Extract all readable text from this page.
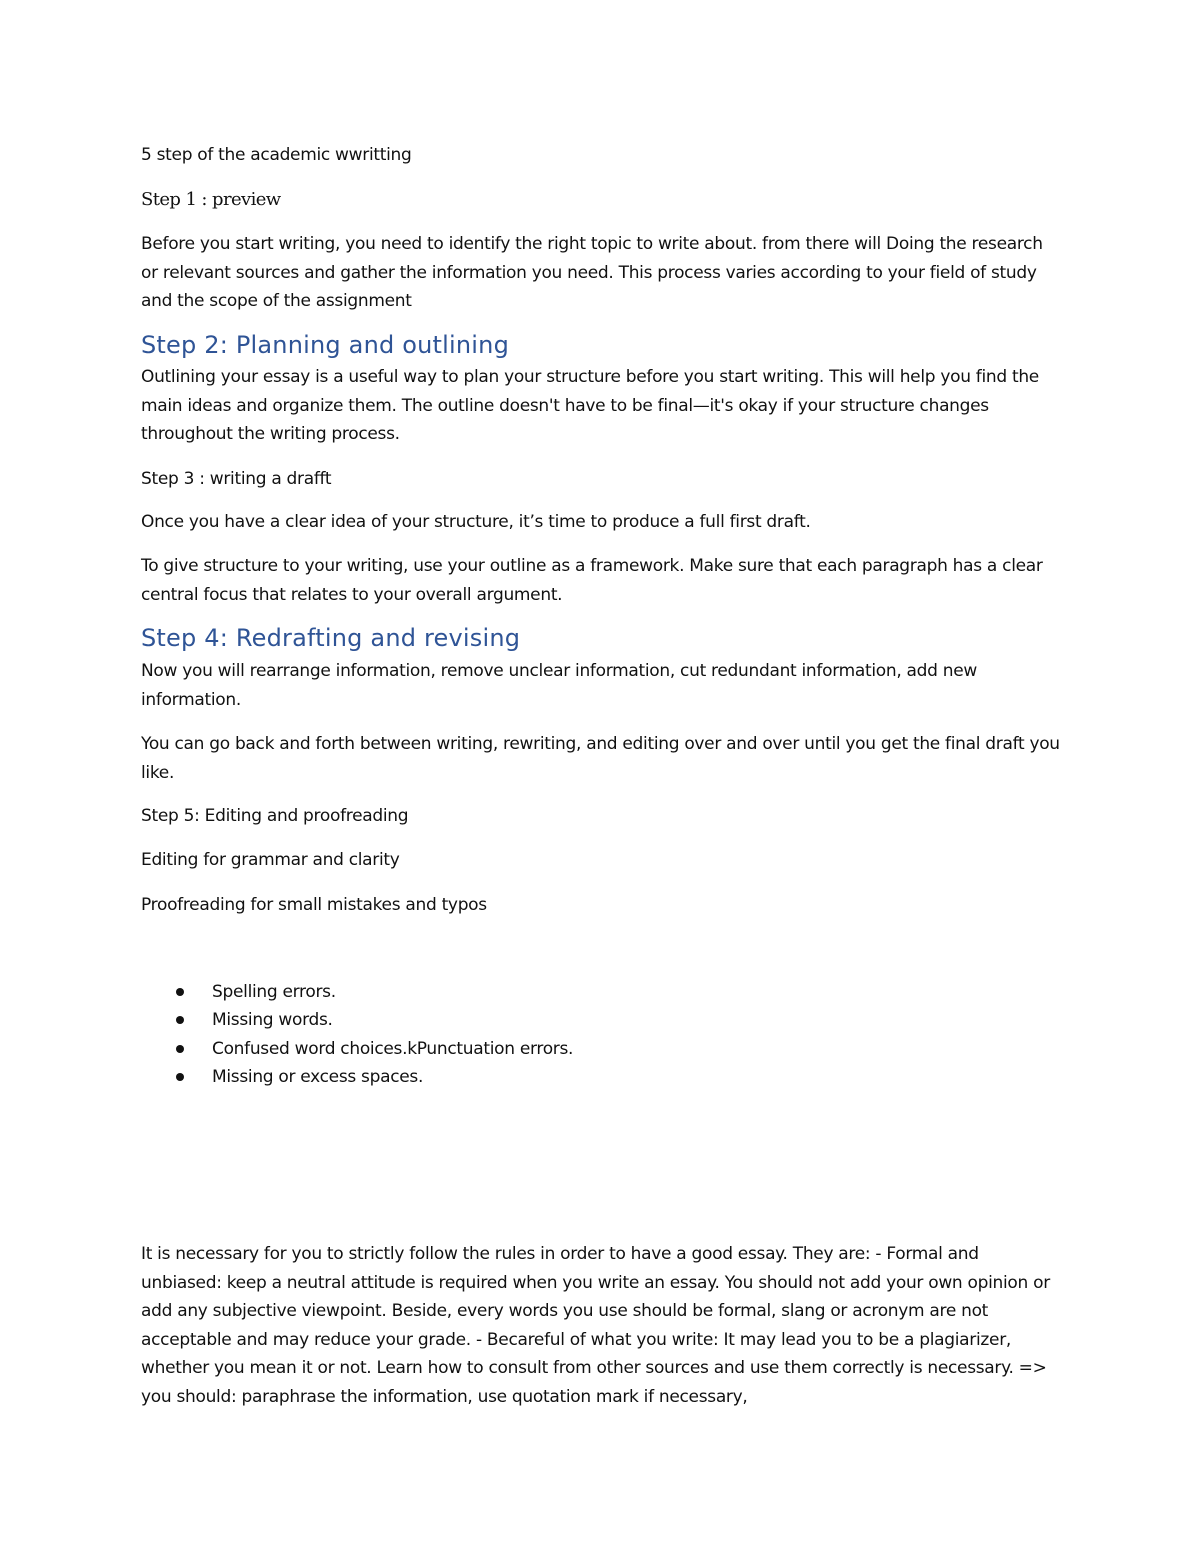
5 step of the academic wwritting

Step 1 : preview

Before you start writing, you need to identify the right topic to write about. from there will Doing the research or relevant sources and gather the information you need. This process varies according to your field of study and the scope of the assignment

Step 2: Planning and outlining

Outlining your essay is a useful way to plan your structure before you start writing. This will help you find the main ideas and organize them. The outline doesn't have to be final—it's okay if your structure changes throughout the writing process.

Step 3 : writing a drafft

Once you have a clear idea of your structure, it’s time to produce a full first draft.

To give structure to your writing, use your outline as a framework. Make sure that each paragraph has a clear central focus that relates to your overall argument.

Step 4: Redrafting and revising

Now you will rearrange information, remove unclear information, cut redundant information, add new information.

You can go back and forth between writing, rewriting, and editing over and over until you get the final draft you like.

Step 5: Editing and proofreading

Editing for grammar and clarity

Proofreading for small mistakes and typos

Spelling errors.
Missing words.
Confused word choices.kPunctuation errors.
Missing or excess spaces.

It is necessary for you to strictly follow the rules in order to have a good essay. They are: - Formal and unbiased: keep a neutral attitude is required when you write an essay. You should not add your own opinion or add any subjective viewpoint. Beside, every words you use should be formal, slang or acronym are not acceptable and may reduce your grade. - Becareful of what you write: It may lead you to be a plagiarizer, whether you mean it or not. Learn how to consult from other sources and use them correctly is necessary. => you should: paraphrase the information, use quotation mark if necessary,
